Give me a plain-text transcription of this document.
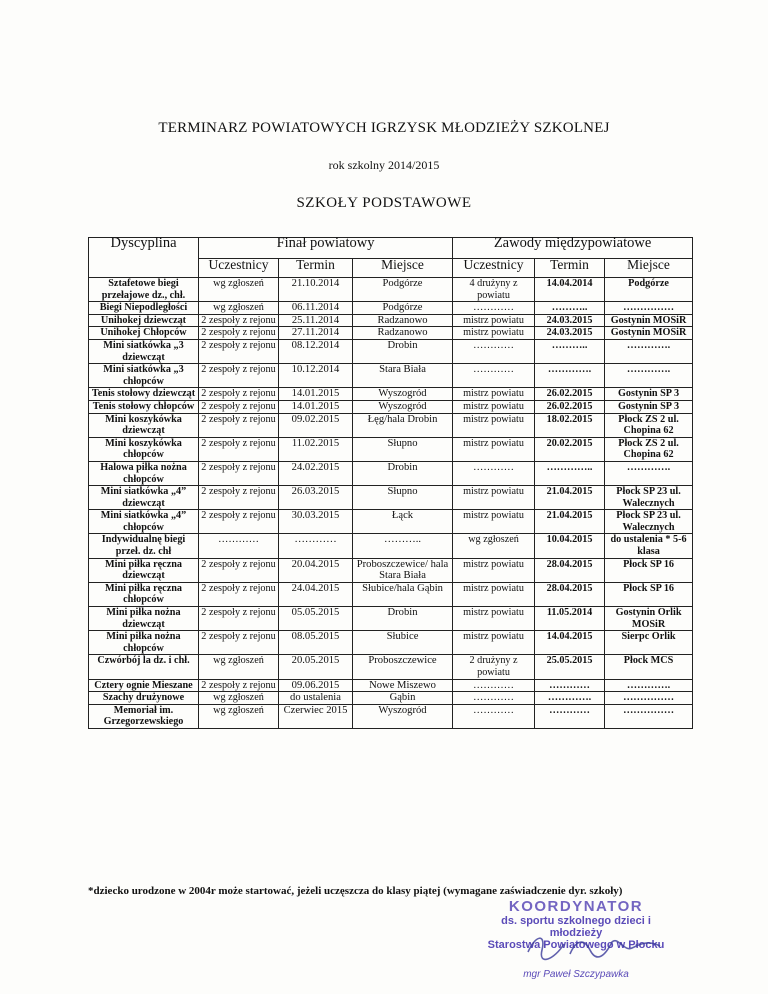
TERMINARZ POWIATOWYCH IGRZYSK MŁODZIEŻY SZKOLNEJ
rok szkolny 2014/2015
SZKOŁY PODSTAWOWE
Dyscyplina	Finał powiatowy			Zawody międzypowiatowe		
	Uczestnicy	Termin	Miejsce	Uczestnicy	Termin	Miejsce
Sztafetowe biegi przełajowe dz., chł.	wg zgłoszeń	21.10.2014	Podgórze	4 drużyny z powiatu	14.04.2014	Podgórze
Biegi Niepodległości	wg zgłoszeń	06.11.2014	Podgórze	…………	………..	……………
Unihokej dziewcząt	2 zespoły z rejonu	25.11.2014	Radzanowo	mistrz powiatu	24.03.2015	Gostynin MOSiR
Unihokej Chłopców	2 zespoły z rejonu	27.11.2014	Radzanowo	mistrz powiatu	24.03.2015	Gostynin MOSiR
Mini siatkówka „3 dziewcząt	2 zespoły z rejonu	08.12.2014	Drobin	…………	………..	………….
Mini siatkówka „3 chłopców	2 zespoły z rejonu	10.12.2014	Stara Biała	…………	………….	………….
Tenis stołowy dziewcząt	2 zespoły z rejonu	14.01.2015	Wyszogród	mistrz powiatu	26.02.2015	Gostynin SP 3
Tenis stołowy chłopców	2 zespoły z rejonu	14.01.2015	Wyszogród	mistrz powiatu	26.02.2015	Gostynin SP 3
Mini koszykówka dziewcząt	2 zespoły z rejonu	09.02.2015	Łęg/hala Drobin	mistrz powiatu	18.02.2015	Płock ZS 2 ul. Chopina 62
Mini koszykówka chłopców	2 zespoły z rejonu	11.02.2015	Słupno	mistrz powiatu	20.02.2015	Płock ZS 2 ul. Chopina 62
Halowa piłka nożna chłopców	2 zespoły z rejonu	24.02.2015	Drobin	…………	…………..	………….
Mini siatkówka „4” dziewcząt	2 zespoły z rejonu	26.03.2015	Słupno	mistrz powiatu	21.04.2015	Płock SP 23 ul. Walecznych
Mini siatkówka „4” chłopców	2 zespoły z rejonu	30.03.2015	Łąck	mistrz powiatu	21.04.2015	Płock SP 23 ul. Walecznych
Indywidualnę biegi przeł. dz. chł	…………	…………	………..	wg zgłoszeń	10.04.2015	do ustalenia * 5-6 klasa
Mini piłka ręczna dziewcząt	2 zespoły z rejonu	20.04.2015	Proboszczewice/ hala Stara Biała	mistrz powiatu	28.04.2015	Płock SP 16
Mini piłka ręczna chłopców	2 zespoły z rejonu	24.04.2015	Słubice/hala Gąbin	mistrz powiatu	28.04.2015	Płock SP 16
Mini piłka nożna dziewcząt	2 zespoły z rejonu	05.05.2015	Drobin	mistrz powiatu	11.05.2014	Gostynin Orlik MOSiR
Mini piłka nożna chłopców	2 zespoły z rejonu	08.05.2015	Słubice	mistrz powiatu	14.04.2015	Sierpc Orlik
Czwórbój la dz. i chł.	wg zgłoszeń	20.05.2015	Proboszczewice	2 drużyny z powiatu	25.05.2015	Płock MCS
Cztery ognie Mieszane	2 zespoły z rejonu	09.06.2015	Nowe Miszewo	…………	…………	………….
Szachy drużynowe	wg zgłoszeń	do ustalenia	Gąbin	…………	………….	……………
Memoriał im. Grzegorzewskiego	wg zgłoszeń	Czerwiec 2015	Wyszogród	…………	…………	……………
*dziecko urodzone w 2004r może startować, jeżeli uczęszcza do klasy piątej (wymagane zaświadczenie dyr. szkoły)
KOORDYNATOR
ds. sportu szkolnego dzieci i młodzieży
Starostwa Powiatowego w Płocku
mgr Paweł Szczypawka
